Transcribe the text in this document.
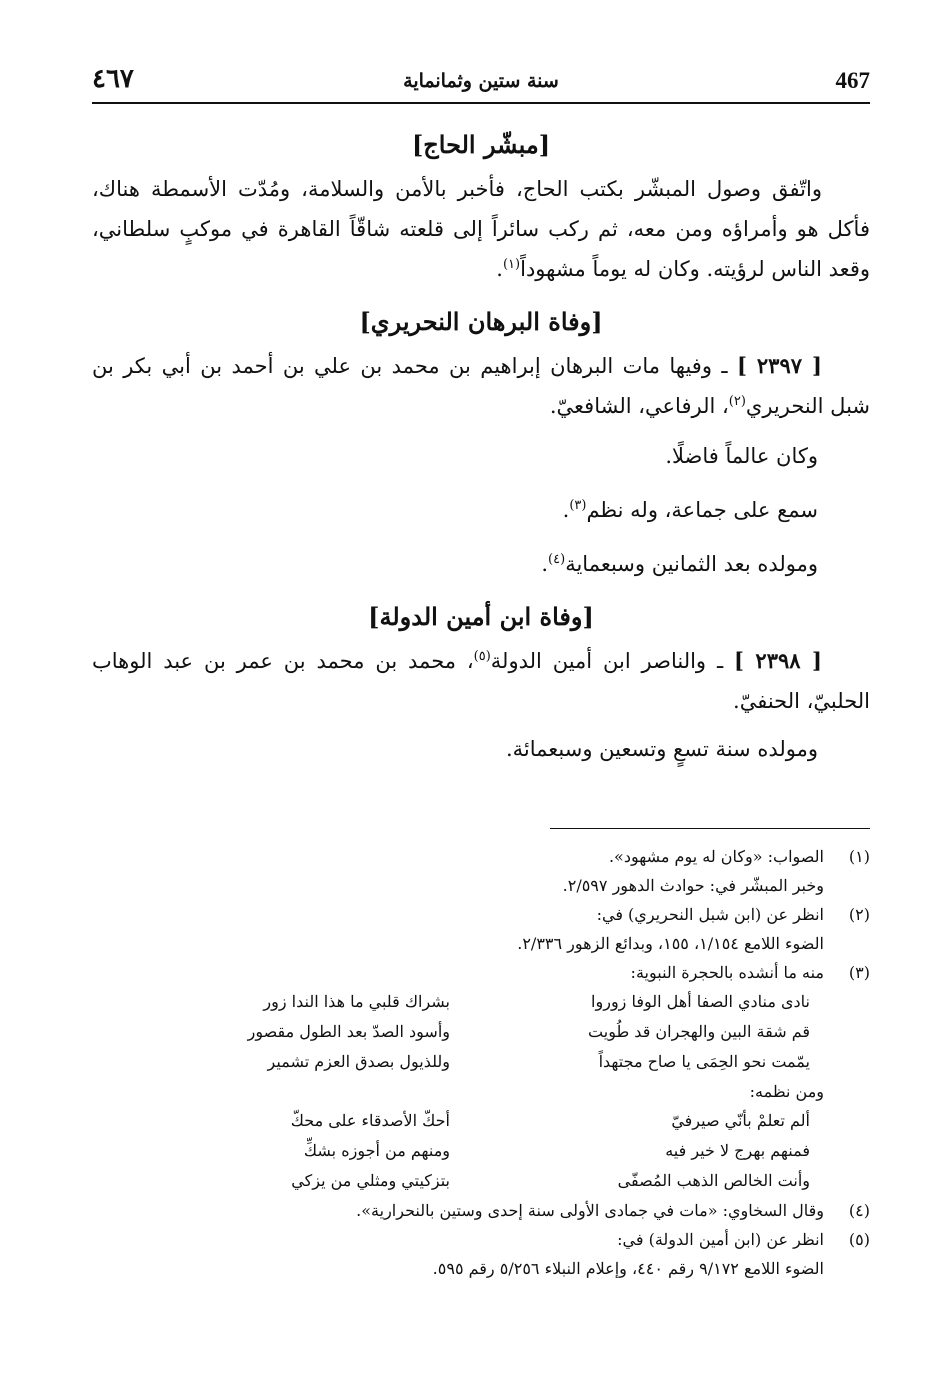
467
سنة ستين وثمانماية
٤٦٧
[مبشّر الحاج]

واتّفق وصول المبشّر بكتب الحاج، فأخبر بالأمن والسلامة، ومُدّت الأسمطة هناك، فأكل هو وأمراؤه ومن معه، ثم ركب سائراً إلى قلعته شاقّاً القاهرة في موكبٍ سلطاني، وقعد الناس لرؤيته. وكان له يوماً مشهوداً$^{(١)}$.

[وفاة البرهان النحريري]

[ ٢٣٩٧ ] ـ وفيها مات البرهان إبراهيم بن محمد بن علي بن أحمد بن أبي بكر بن شبل النحريري$^{(٢)}$، الرفاعي، الشافعيّ.

وكان عالماً فاضلًا.
سمع على جماعة، وله نظم$^{(٣)}$.
ومولده بعد الثمانين وسبعماية$^{(٤)}$.
[وفاة ابن أمين الدولة]

[ ٢٣٩٨ ] ـ والناصر ابن أمين الدولة$^{(٥)}$، محمد بن محمد بن عمر بن عبد الوهاب الحلبيّ، الحنفيّ.

ومولده سنة تسعٍ وتسعين وسبعمائة.
(١)
الصواب: «وكان له يوم مشهود».
وخبر المبشّر في: حوادث الدهور ٢/٥٩٧.
(٢)
انظر عن (ابن شبل النحريري) في:
الضوء اللامع ١/١٥٤، ١٥٥، وبدائع الزهور ٢/٣٣٦.
(٣)
منه ما أنشده بالحجرة النبوية:
نادى منادي الصفا أهل الوفا زوروا
بشراك قلبي ما هذا الندا زور
قم شقة البين والهجران قد طُويت
وأسود الصدّ بعد الطول مقصور
يمّمت نحو الحِمَى يا صاح مجتهداً
وللذيول بصدق العزم تشمير
ومن نظمه:
ألم تعلمْ بأنّي صيرفيّ
أحكّ الأصدقاء على محكّ
فمنهم بهرج لا خير فيه
ومنهم من أجوزه بشكِّ
وأنت الخالص الذهب المُصفّى
بتزكيتي ومثلي من يزكي
(٤)
وقال السخاوي: «مات في جمادى الأولى سنة إحدى وستين بالنحرارية».
(٥)
انظر عن (ابن أمين الدولة) في:
الضوء اللامع ٩/١٧٢ رقم ٤٤٠، وإعلام النبلاء ٥/٢٥٦ رقم ٥٩٥.
